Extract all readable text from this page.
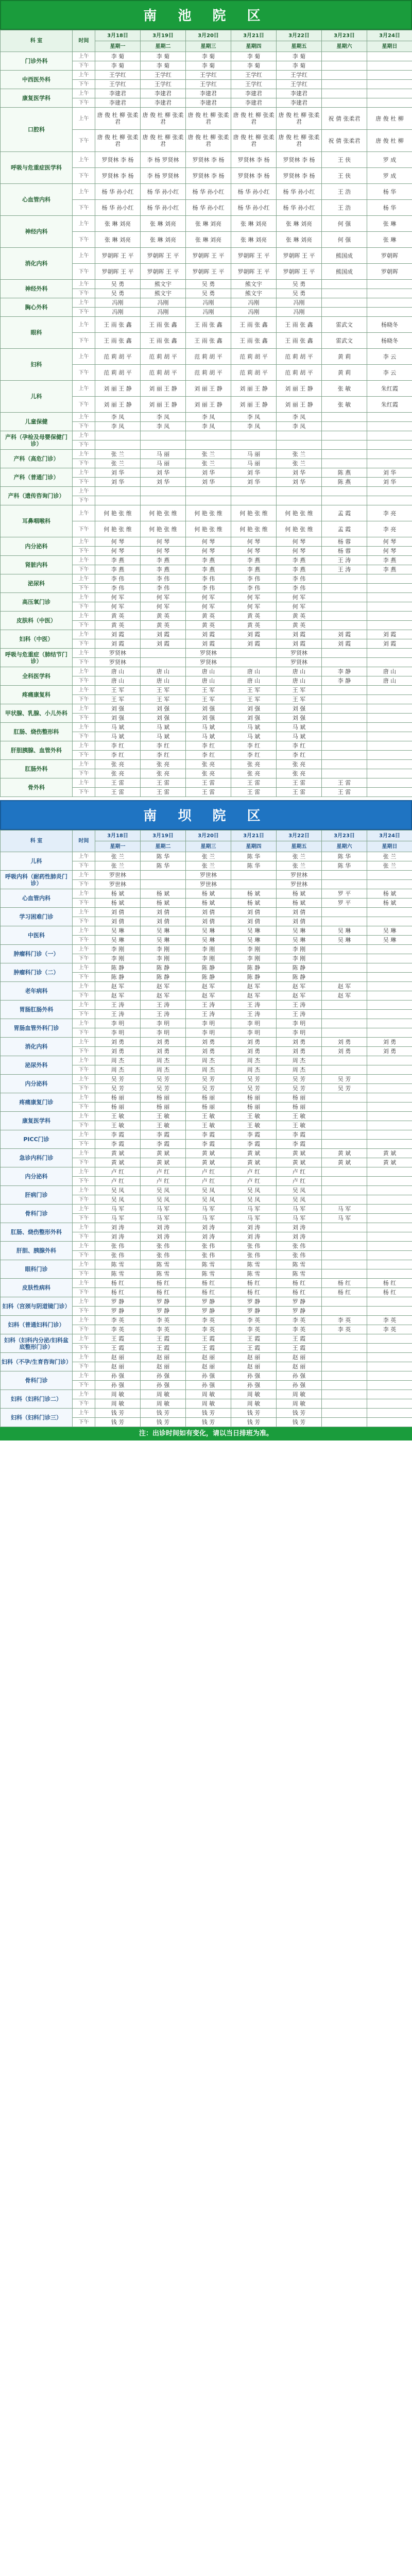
南 池 院 区
科 室	时间	3月18日	3月19日	3月20日	3月21日	3月22日	3月23日	3月24日
		星期一	星期二	星期三	星期四	星期五	星期六	星期日
门诊外科	上午	李 菊	李 菊	李 菊	李 菊	李 菊		
	下午	李 菊	李 菊	李 菊	李 菊	李 菊		
中西医外科	上午	王学红	王学红	王学红	王学红	王学红		
	下午	王学红	王学红	王学红	王学红	王学红		
康复医学科	上午	李建君	李建君	李建君	李建君	李建君		
	下午	李建君	李建君	李建君	李建君	李建君		
口腔科	上午	唐 俊 杜 柳 张柔君	唐 俊 杜 柳 张柔君	唐 俊 杜 柳 张柔君	唐 俊 杜 柳 张柔君	唐 俊 杜 柳 张柔君	祝 倩 张柔君	唐 俊 杜 柳
	下午	唐 俊 杜 柳 张柔君	唐 俊 杜 柳 张柔君	唐 俊 杜 柳 张柔君	唐 俊 杜 柳 张柔君	唐 俊 杜 柳 张柔君	祝 倩 张柔君	唐 俊 杜 柳
呼吸与危重症医学科	上午	罗贤林 李 杨	李 杨 罗贤林	罗贤林 李 杨	罗贤林 李 杨	罗贤林 李 杨	王 侠	罗 成
	下午	罗贤林 李 杨	李 杨 罗贤林	罗贤林 李 杨	罗贤林 李 杨	罗贤林 李 杨	王 侠	罗 成
心血管内科	上午	杨 华 孙小红	杨 华 孙小红	杨 华 孙小红	杨 华 孙小红	杨 华 孙小红	王 浩	杨 华
	下午	杨 华 孙小红	杨 华 孙小红	杨 华 孙小红	杨 华 孙小红	杨 华 孙小红	王 浩	杨 华
神经内科	上午	张 琳 刘亮	张 琳 刘亮	张 琳 刘亮	张 琳 刘亮	张 琳 刘亮	何 强	张 琳
	下午	张 琳 刘亮	张 琳 刘亮	张 琳 刘亮	张 琳 刘亮	张 琳 刘亮	何 强	张 琳
消化内科	上午	罗朝晖 王 平	罗朝晖 王 平	罗朝晖 王 平	罗朝晖 王 平	罗朝晖 王 平	熊国成	罗朝晖
	下午	罗朝晖 王 平	罗朝晖 王 平	罗朝晖 王 平	罗朝晖 王 平	罗朝晖 王 平	熊国成	罗朝晖
神经外科	上午	吴 勇	熊文宇	吴 勇	熊文宇	吴 勇		
	下午	吴 勇	熊文宇	吴 勇	熊文宇	吴 勇		
胸心外科	上午	冯刚	冯刚	冯刚	冯刚	冯刚		
	下午	冯刚	冯刚	冯刚	冯刚	冯刚		
眼科	上午	王 雨 张 鑫	王 雨 张 鑫	王 雨 张 鑫	王 雨 张 鑫	王 雨 张 鑫	雷武文	杨晓冬
	下午	王 雨 张 鑫	王 雨 张 鑫	王 雨 张 鑫	王 雨 张 鑫	王 雨 张 鑫	雷武文	杨晓冬
妇科	上午	范 莉 胡 平	范 莉 胡 平	范 莉 胡 平	范 莉 胡 平	范 莉 胡 平	黄 莉	李 云
	下午	范 莉 胡 平	范 莉 胡 平	范 莉 胡 平	范 莉 胡 平	范 莉 胡 平	黄 莉	李 云
儿科	上午	刘 丽 王 静	刘 丽 王 静	刘 丽 王 静	刘 丽 王 静	刘 丽 王 静	张 敏	朱红霞
	下午	刘 丽 王 静	刘 丽 王 静	刘 丽 王 静	刘 丽 王 静	刘 丽 王 静	张 敏	朱红霞
儿童保健	上午	李 凤	李 凤	李 凤	李 凤	李 凤		
	下午	李 凤	李 凤	李 凤	李 凤	李 凤		
产科（孕检及母婴保健门诊）	上午							
	下午							
产科（高危门诊）	上午	张 兰	马 丽	张 兰	马 丽	张 兰		
	下午	张 兰	马 丽	张 兰	马 丽	张 兰		
产科（普通门诊）	上午	刘 华	刘 华	刘 华	刘 华	刘 华	陈 燕	刘 华
	下午	刘 华	刘 华	刘 华	刘 华	刘 华	陈 燕	刘 华
产科（遗传咨询门诊）	上午							
	下午							
耳鼻咽喉科	上午	何 艳 张 维	何 艳 张 维	何 艳 张 维	何 艳 张 维	何 艳 张 维	孟 霞	李 亮
	下午	何 艳 张 维	何 艳 张 维	何 艳 张 维	何 艳 张 维	何 艳 张 维	孟 霞	李 亮
内分泌科	上午	何 琴	何 琴	何 琴	何 琴	何 琴	杨 蓉	何 琴
	下午	何 琴	何 琴	何 琴	何 琴	何 琴	杨 蓉	何 琴
肾脏内科	上午	李 燕	李 燕	李 燕	李 燕	李 燕	王 涛	李 燕
	下午	李 燕	李 燕	李 燕	李 燕	李 燕	王 涛	李 燕
泌尿科	上午	李 伟	李 伟	李 伟	李 伟	李 伟		
	下午	李 伟	李 伟	李 伟	李 伟	李 伟		
高压氧门诊	上午	何 军	何 军	何 军	何 军	何 军		
	下午	何 军	何 军	何 军	何 军	何 军		
皮肤科（中医）	上午	黄 英	黄 英	黄 英	黄 英	黄 英		
	下午	黄 英	黄 英	黄 英	黄 英	黄 英		
妇科（中医）	上午	刘 霞	刘 霞	刘 霞	刘 霞	刘 霞	刘 霞	刘 霞
	下午	刘 霞	刘 霞	刘 霞	刘 霞	刘 霞	刘 霞	刘 霞
呼吸与危重症（肺结节门诊）	上午	罗贤林		罗贤林		罗贤林		
	下午	罗贤林		罗贤林		罗贤林		
全科医学科	上午	唐 山	唐 山	唐 山	唐 山	唐 山	李 静	唐 山
	下午	唐 山	唐 山	唐 山	唐 山	唐 山	李 静	唐 山
疼痛康复科	上午	王 军	王 军	王 军	王 军	王 军		
	下午	王 军	王 军	王 军	王 军	王 军		
甲状腺、乳腺、小儿外科	上午	刘 强	刘 强	刘 强	刘 强	刘 强		
	下午	刘 强	刘 强	刘 强	刘 强	刘 强		
肛肠、烧伤整形科	上午	马 斌	马 斌	马 斌	马 斌	马 斌		
	下午	马 斌	马 斌	马 斌	马 斌	马 斌		
肝胆胰腺、血管外科	上午	李 红	李 红	李 红	李 红	李 红		
	下午	李 红	李 红	李 红	李 红	李 红		
肛肠外科	上午	张 亮	张 亮	张 亮	张 亮	张 亮		
	下午	张 亮	张 亮	张 亮	张 亮	张 亮		
骨外科	上午	王 雷	王 雷	王 雷	王 雷	王 雷	王 雷	
	下午	王 雷	王 雷	王 雷	王 雷	王 雷	王 雷	
南 坝 院 区
科 室	时间	3月18日	3月19日	3月20日	3月21日	3月22日	3月23日	3月24日
		星期一	星期二	星期三	星期四	星期五	星期六	星期日
儿科	上午	张 兰	陈 华	张 兰	陈 华	张 兰	陈 华	张 兰
	下午	张 兰	陈 华	张 兰	陈 华	张 兰	陈 华	张 兰
呼吸内科（耐药性肺炎门诊）	上午	罗世林		罗世林		罗世林		
	下午	罗世林		罗世林		罗世林		
心血管内科	上午	杨 斌	杨 斌	杨 斌	杨 斌	杨 斌	罗 平	杨 斌
	下午	杨 斌	杨 斌	杨 斌	杨 斌	杨 斌	罗 平	杨 斌
学习困难门诊	上午	刘 倩	刘 倩	刘 倩	刘 倩	刘 倩		
	下午	刘 倩	刘 倩	刘 倩	刘 倩	刘 倩		
中医科	上午	吴 琳	吴 琳	吴 琳	吴 琳	吴 琳	吴 琳	吴 琳
	下午	吴 琳	吴 琳	吴 琳	吴 琳	吴 琳	吴 琳	吴 琳
肿瘤科门诊（一）	上午	李 刚	李 刚	李 刚	李 刚	李 刚		
	下午	李 刚	李 刚	李 刚	李 刚	李 刚		
肿瘤科门诊（二）	上午	陈 静	陈 静	陈 静	陈 静	陈 静		
	下午	陈 静	陈 静	陈 静	陈 静	陈 静		
老年病科	上午	赵 军	赵 军	赵 军	赵 军	赵 军	赵 军	
	下午	赵 军	赵 军	赵 军	赵 军	赵 军	赵 军	
胃肠肛肠外科	上午	王 涛	王 涛	王 涛	王 涛	王 涛		
	下午	王 涛	王 涛	王 涛	王 涛	王 涛		
胃肠血管外科门诊	上午	李 明	李 明	李 明	李 明	李 明		
	下午	李 明	李 明	李 明	李 明	李 明		
消化内科	上午	刘 勇	刘 勇	刘 勇	刘 勇	刘 勇	刘 勇	刘 勇
	下午	刘 勇	刘 勇	刘 勇	刘 勇	刘 勇	刘 勇	刘 勇
泌尿外科	上午	周 杰	周 杰	周 杰	周 杰	周 杰		
	下午	周 杰	周 杰	周 杰	周 杰	周 杰		
内分泌科	上午	吴 芳	吴 芳	吴 芳	吴 芳	吴 芳	吴 芳	
	下午	吴 芳	吴 芳	吴 芳	吴 芳	吴 芳	吴 芳	
疼痛康复门诊	上午	杨 丽	杨 丽	杨 丽	杨 丽	杨 丽		
	下午	杨 丽	杨 丽	杨 丽	杨 丽	杨 丽		
康复医学科	上午	王 敏	王 敏	王 敏	王 敏	王 敏		
	下午	王 敏	王 敏	王 敏	王 敏	王 敏		
PICC门诊	上午	李 霞	李 霞	李 霞	李 霞	李 霞		
	下午	李 霞	李 霞	李 霞	李 霞	李 霞		
急诊内科门诊	上午	黄 斌	黄 斌	黄 斌	黄 斌	黄 斌	黄 斌	黄 斌
	下午	黄 斌	黄 斌	黄 斌	黄 斌	黄 斌	黄 斌	黄 斌
内分泌科	上午	卢 红	卢 红	卢 红	卢 红	卢 红		
	下午	卢 红	卢 红	卢 红	卢 红	卢 红		
肝病门诊	上午	吴 凤	吴 凤	吴 凤	吴 凤	吴 凤		
	下午	吴 凤	吴 凤	吴 凤	吴 凤	吴 凤		
骨科门诊	上午	马 军	马 军	马 军	马 军	马 军	马 军	
	下午	马 军	马 军	马 军	马 军	马 军	马 军	
肛肠、烧伤整形外科	上午	刘 涛	刘 涛	刘 涛	刘 涛	刘 涛		
	下午	刘 涛	刘 涛	刘 涛	刘 涛	刘 涛		
肝胆、胰腺外科	上午	张 伟	张 伟	张 伟	张 伟	张 伟		
	下午	张 伟	张 伟	张 伟	张 伟	张 伟		
眼科门诊	上午	陈 雪	陈 雪	陈 雪	陈 雪	陈 雪		
	下午	陈 雪	陈 雪	陈 雪	陈 雪	陈 雪		
皮肤性病科	上午	杨 红	杨 红	杨 红	杨 红	杨 红	杨 红	杨 红
	下午	杨 红	杨 红	杨 红	杨 红	杨 红	杨 红	杨 红
妇科（宫颈与阴道镜门诊）	上午	罗 静	罗 静	罗 静	罗 静	罗 静		
	下午	罗 静	罗 静	罗 静	罗 静	罗 静		
妇科（普通妇科门诊）	上午	李 英	李 英	李 英	李 英	李 英	李 英	李 英
	下午	李 英	李 英	李 英	李 英	李 英	李 英	李 英
妇科（妇科内分泌/妇科盆底整形门诊）	上午	王 霞	王 霞	王 霞	王 霞	王 霞		
	下午	王 霞	王 霞	王 霞	王 霞	王 霞		
妇科（不孕/生育咨询门诊）	上午	赵 丽	赵 丽	赵 丽	赵 丽	赵 丽		
	下午	赵 丽	赵 丽	赵 丽	赵 丽	赵 丽		
骨科门诊	上午	孙 强	孙 强	孙 强	孙 强	孙 强		
	下午	孙 强	孙 强	孙 强	孙 强	孙 强		
妇科（妇科门诊二）	上午	周 敏	周 敏	周 敏	周 敏	周 敏		
	下午	周 敏	周 敏	周 敏	周 敏	周 敏		
妇科（妇科门诊三）	上午	钱 芳	钱 芳	钱 芳	钱 芳	钱 芳		
	下午	钱 芳	钱 芳	钱 芳	钱 芳	钱 芳		
注：出诊时间如有变化，请以当日排班为准。
